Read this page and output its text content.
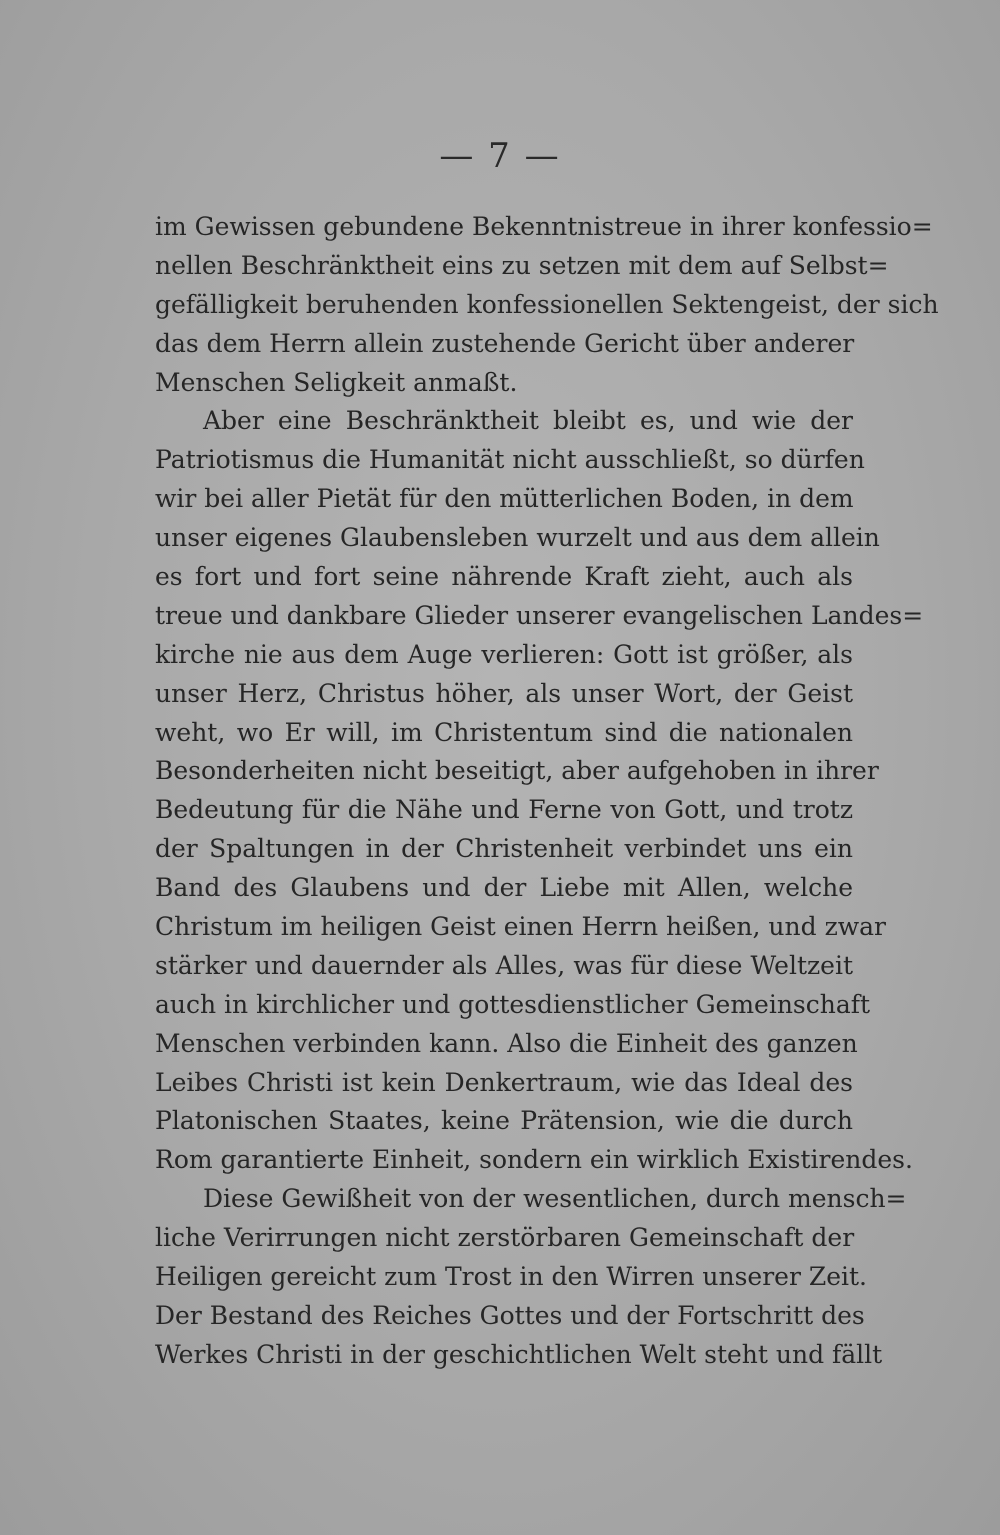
— 7 —
im Gewissen gebundene Bekenntnistreue in ihrer konfessio=
nellen Beschränktheit eins zu setzen mit dem auf Selbst=
gefälligkeit beruhenden konfessionellen Sektengeist, der sich
das dem Herrn allein zustehende Gericht über anderer
Menschen Seligkeit anmaßt.
Aber eine Beschränktheit bleibt es, und wie der
Patriotismus die Humanität nicht ausschließt, so dürfen
wir bei aller Pietät für den mütterlichen Boden, in dem
unser eigenes Glaubensleben wurzelt und aus dem allein
es fort und fort seine nährende Kraft zieht, auch als
treue und dankbare Glieder unserer evangelischen Landes=
kirche nie aus dem Auge verlieren: Gott ist größer, als
unser Herz, Christus höher, als unser Wort, der Geist
weht, wo Er will, im Christentum sind die nationalen
Besonderheiten nicht beseitigt, aber aufgehoben in ihrer
Bedeutung für die Nähe und Ferne von Gott, und trotz
der Spaltungen in der Christenheit verbindet uns ein
Band des Glaubens und der Liebe mit Allen, welche
Christum im heiligen Geist einen Herrn heißen, und zwar
stärker und dauernder als Alles, was für diese Weltzeit
auch in kirchlicher und gottesdienstlicher Gemeinschaft
Menschen verbinden kann. Also die Einheit des ganzen
Leibes Christi ist kein Denkertraum, wie das Ideal des
Platonischen Staates, keine Prätension, wie die durch
Rom garantierte Einheit, sondern ein wirklich Existirendes.
Diese Gewißheit von der wesentlichen, durch mensch=
liche Verirrungen nicht zerstörbaren Gemeinschaft der
Heiligen gereicht zum Trost in den Wirren unserer Zeit.
Der Bestand des Reiches Gottes und der Fortschritt des
Werkes Christi in der geschichtlichen Welt steht und fällt
